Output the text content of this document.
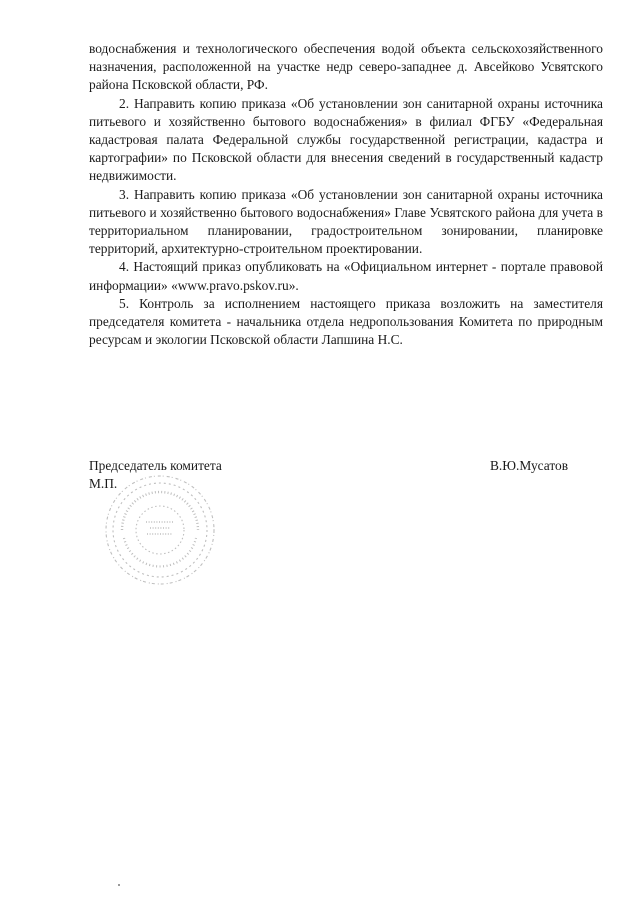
водоснабжения и технологического обеспечения водой объекта сельскохозяйственного назначения, расположенной на участке недр северо-западнее д. Авсейково Усвятского района Псковской области, РФ.

2. Направить копию приказа «Об установлении зон санитарной охраны источника питьевого и хозяйственно бытового водоснабжения» в филиал ФГБУ «Федеральная кадастровая палата Федеральной службы государственной регистрации, кадастра и картографии» по Псковской области для внесения сведений в государственный кадастр недвижимости.

3. Направить копию приказа «Об установлении зон санитарной охраны источника питьевого и хозяйственно бытового водоснабжения» Главе Усвятского района для учета в территориальном планировании, градостроительном зонировании, планировке территорий, архитектурно-строительном проектировании.

4. Настоящий приказ опубликовать на «Официальном интернет - портале правовой информации» «www.pravo.pskov.ru».

5. Контроль за исполнением настоящего приказа возложить на заместителя председателя комитета - начальника отдела недропользования Комитета по природным ресурсам и экологии Псковской области Лапшина Н.С.

Председатель комитета
М.П.
В.Ю.Мусатов
